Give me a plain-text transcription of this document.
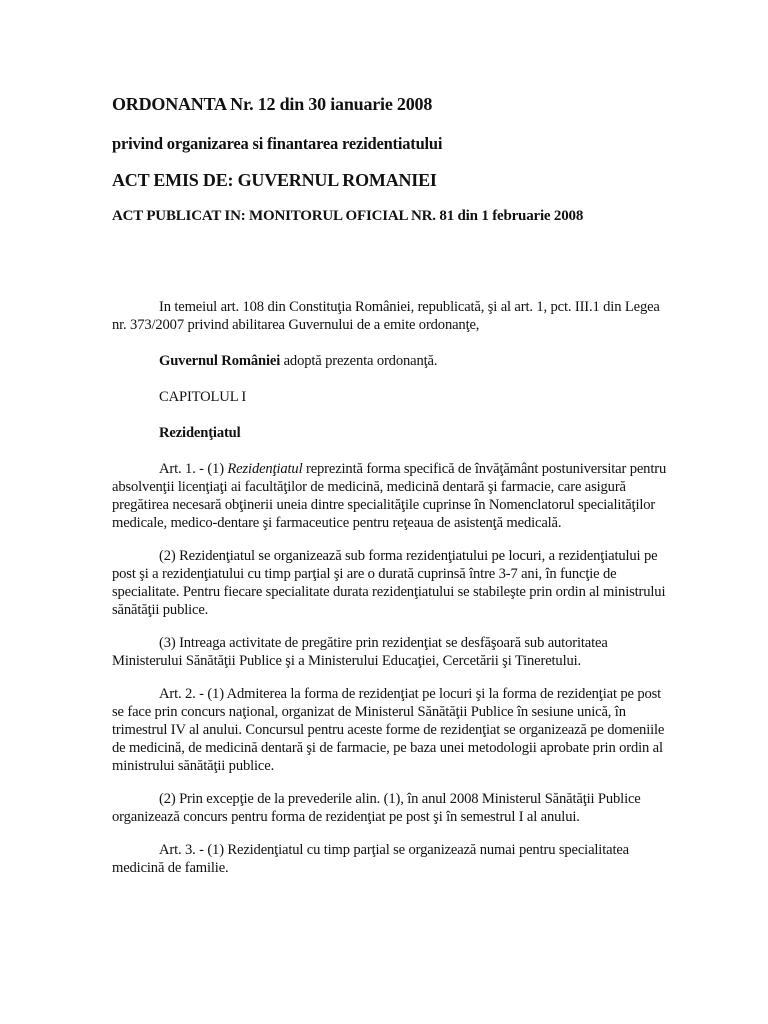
ORDONANTA Nr. 12 din 30 ianuarie 2008
privind organizarea si finantarea rezidentiatului
ACT EMIS DE: GUVERNUL ROMANIEI
ACT PUBLICAT IN: MONITORUL OFICIAL NR. 81 din 1 februarie 2008

In temeiul art. 108 din Constituţia României, republicată, şi al art. 1, pct. III.1 din Legea nr. 373/2007 privind abilitarea Guvernului de a emite ordonanţe,

Guvernul României adoptă prezenta ordonanţă.

CAPITOLUL I

Rezidenţiatul

Art. 1. - (1) Rezidenţiatul reprezintă forma specifică de învăţământ postuniversitar pentru absolvenţii licenţiaţi ai facultăţilor de medicină, medicină dentară şi farmacie, care asigură pregătirea necesară obţinerii uneia dintre specialităţile cuprinse în Nomenclatorul specialităţilor medicale, medico-dentare şi farmaceutice pentru reţeaua de asistenţă medicală.

(2) Rezidenţiatul se organizează sub forma rezidenţiatului pe locuri, a rezidenţiatului pe post şi a rezidenţiatului cu timp parţial şi are o durată cuprinsă între 3-7 ani, în funcţie de specialitate. Pentru fiecare specialitate durata rezidenţiatului se stabileşte prin ordin al ministrului sănătăţii publice.

(3) Intreaga activitate de pregătire prin rezidenţiat se desfăşoară sub autoritatea Ministerului Sănătăţii Publice şi a Ministerului Educaţiei, Cercetării şi Tineretului.

Art. 2. - (1) Admiterea la forma de rezidenţiat pe locuri şi la forma de rezidenţiat pe post se face prin concurs naţional, organizat de Ministerul Sănătăţii Publice în sesiune unică, în trimestrul IV al anului. Concursul pentru aceste forme de rezidenţiat se organizează pe domeniile de medicină, de medicină dentară şi de farmacie, pe baza unei metodologii aprobate prin ordin al ministrului sănătăţii publice.

(2) Prin excepţie de la prevederile alin. (1), în anul 2008 Ministerul Sănătăţii Publice organizează concurs pentru forma de rezidenţiat pe post şi în semestrul I al anului.

Art. 3. - (1) Rezidenţiatul cu timp parţial se organizează numai pentru specialitatea medicină de familie.
